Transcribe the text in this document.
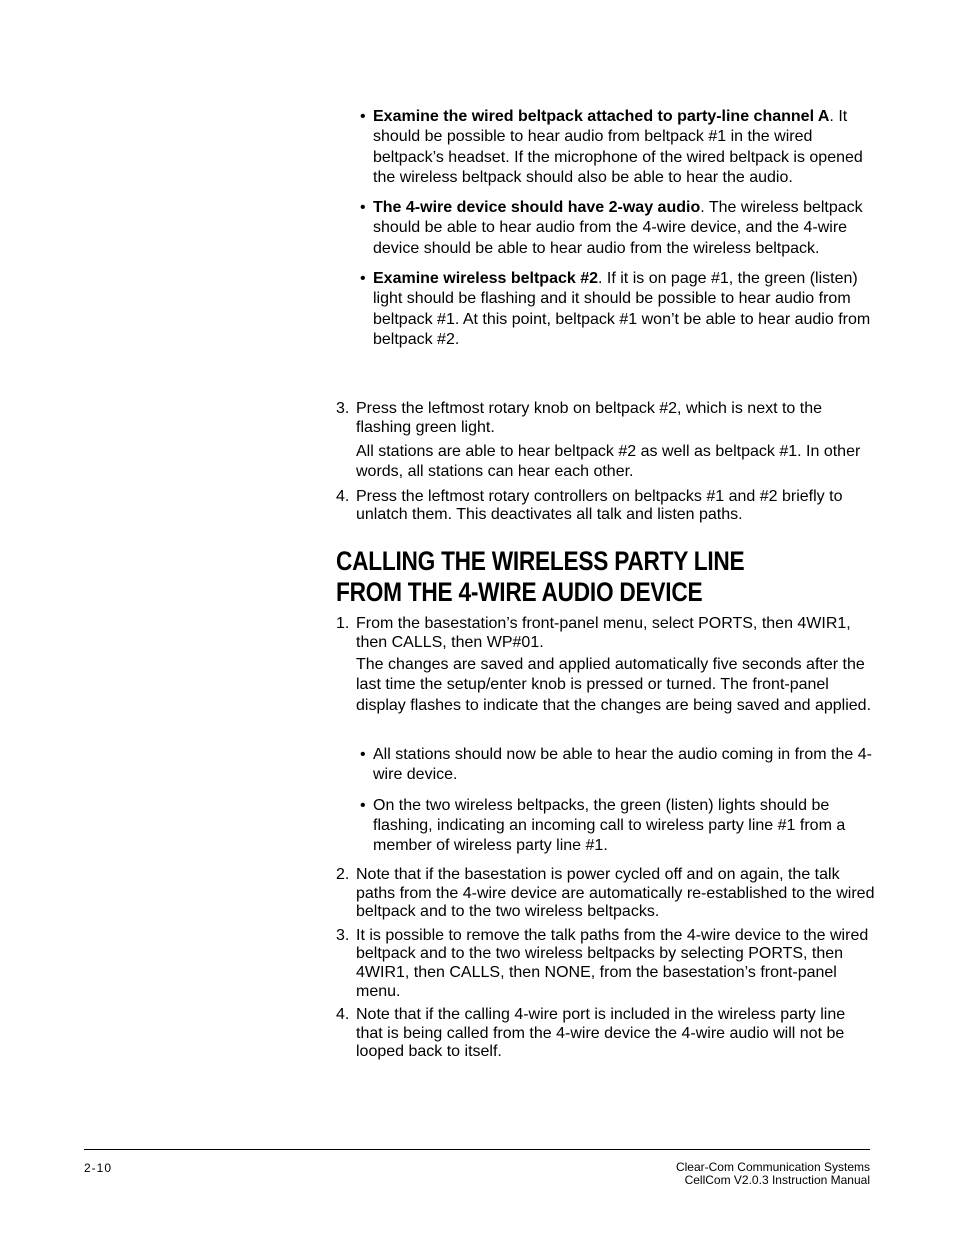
• Examine the wired beltpack attached to party-line channel A. It should be possible to hear audio from beltpack #1 in the wired beltpack’s headset. If the microphone of the wired beltpack is opened the wireless beltpack should also be able to hear the audio.

• The 4-wire device should have 2-way audio. The wireless beltpack should be able to hear audio from the 4-wire device, and the 4-wire device should be able to hear audio from the wireless beltpack.

• Examine wireless beltpack #2. If it is on page #1, the green (listen) light should be flashing and it should be possible to hear audio from beltpack #1. At this point, beltpack #1 won’t be able to hear audio from beltpack #2.

3. Press the leftmost rotary knob on beltpack #2, which is next to the flashing green light.

All stations are able to hear beltpack #2 as well as beltpack #1. In other words, all stations can hear each other.

4. Press the leftmost rotary controllers on beltpacks #1 and #2 briefly to unlatch them. This deactivates all talk and listen paths.

CALLING THE WIRELESS PARTY LINE

FROM THE 4-WIRE AUDIO DEVICE

1. From the basestation’s front-panel menu, select PORTS, then 4WIR1, then CALLS, then WP#01.

The changes are saved and applied automatically five seconds after the last time the setup/enter knob is pressed or turned. The front-panel display flashes to indicate that the changes are being saved and applied.

• All stations should now be able to hear the audio coming in from the 4-wire device.

• On the two wireless beltpacks, the green (listen) lights should be flashing, indicating an incoming call to wireless party line #1 from a member of wireless party line #1.

2. Note that if the basestation is power cycled off and on again, the talk paths from the 4-wire device are automatically re-established to the wired beltpack and to the two wireless beltpacks.

3. It is possible to remove the talk paths from the 4-wire device to the wired beltpack and to the two wireless beltpacks by selecting PORTS, then 4WIR1, then CALLS, then NONE, from the basestation’s front-panel menu.

4. Note that if the calling 4-wire port is included in the wireless party line that is being called from the 4-wire device the 4-wire audio will not be looped back to itself.

2-10	Clear-Com Communication Systems
CellCom V2.0.3 Instruction Manual
